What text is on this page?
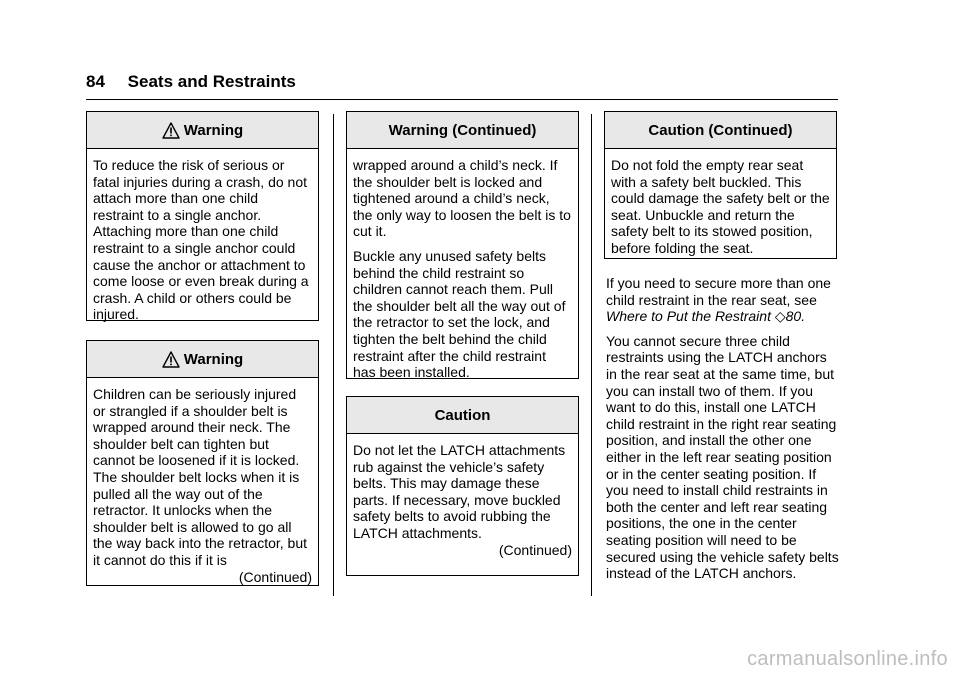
84 Seats and Restraints
Warning

To reduce the risk of serious or fatal injuries during a crash, do not attach more than one child restraint to a single anchor. Attaching more than one child restraint to a single anchor could cause the anchor or attachment to come loose or even break during a crash. A child or others could be injured.

Warning

Children can be seriously injured or strangled if a shoulder belt is wrapped around their neck. The shoulder belt can tighten but cannot be loosened if it is locked. The shoulder belt locks when it is pulled all the way out of the retractor. It unlocks when the shoulder belt is allowed to go all the way back into the retractor, but it cannot do this if it is

(Continued)
Warning (Continued)

wrapped around a child’s neck. If the shoulder belt is locked and tightened around a child’s neck, the only way to loosen the belt is to cut it.

Buckle any unused safety belts behind the child restraint so children cannot reach them. Pull the shoulder belt all the way out of the retractor to set the lock, and tighten the belt behind the child restraint after the child restraint has been installed.

Caution

Do not let the LATCH attachments rub against the vehicle’s safety belts. This may damage these parts. If necessary, move buckled safety belts to avoid rubbing the LATCH attachments.

(Continued)
Caution (Continued)

Do not fold the empty rear seat with a safety belt buckled. This could damage the safety belt or the seat. Unbuckle and return the safety belt to its stowed position, before folding the seat.

If you need to secure more than one child restraint in the rear seat, see Where to Put the Restraint ◇80.

You cannot secure three child restraints using the LATCH anchors in the rear seat at the same time, but you can install two of them. If you want to do this, install one LATCH child restraint in the right rear seating position, and install the other one either in the left rear seating position or in the center seating position. If you need to install child restraints in both the center and left rear seating positions, the one in the center seating position will need to be secured using the vehicle safety belts instead of the LATCH anchors.

carmanualsonline.info
